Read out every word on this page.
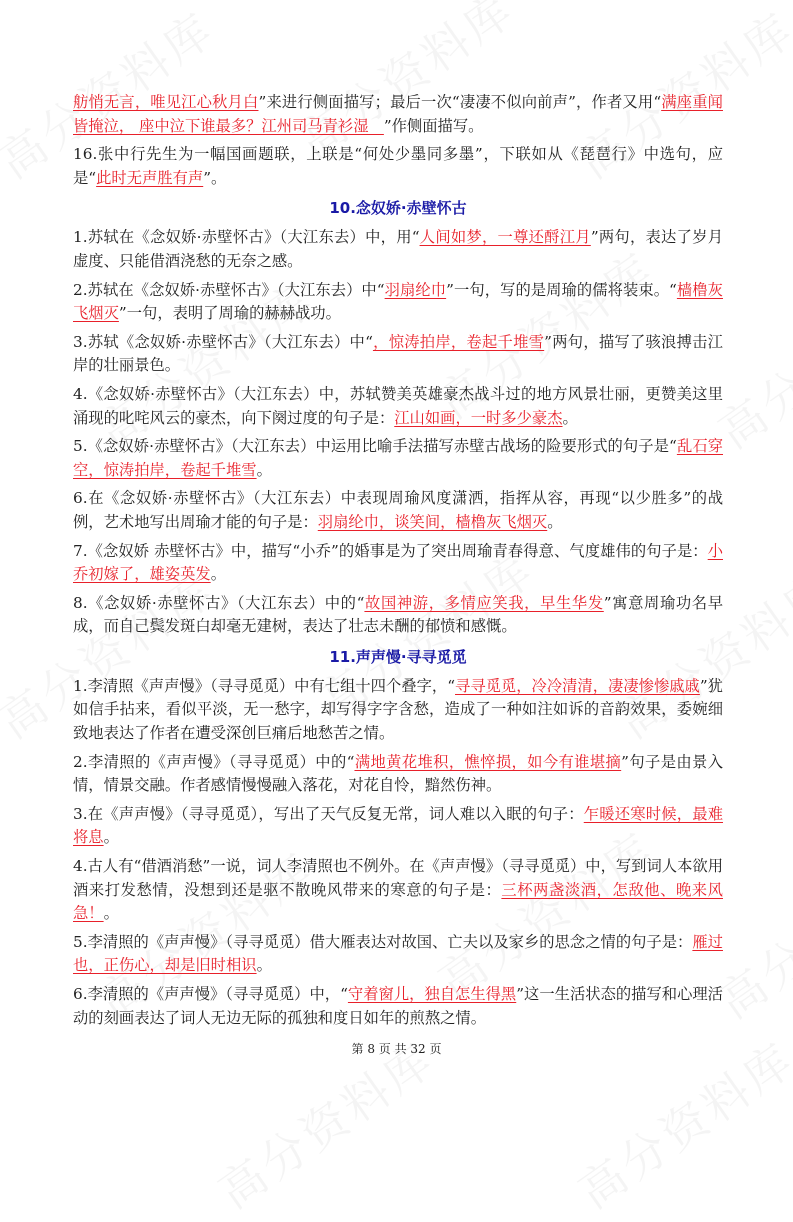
舫悄无言，唯见江心秋月白”来进行侧面描写；最后一次“凄凄不似向前声”，作者又用“满座重闻皆掩泣， 座中泣下谁最多？江州司马青衫湿__”作侧面描写。

16.张中行先生为一幅国画题联，上联是“何处少墨同多墨”，下联如从《琵琶行》中选句，应是“此时无声胜有声”。

10.念奴娇·赤壁怀古

1.苏轼在《念奴娇·赤壁怀古》（大江东去）中，用“人间如梦，一尊还酹江月”两句，表达了岁月虚度、只能借酒浇愁的无奈之感。

2.苏轼在《念奴娇·赤壁怀古》（大江东去）中“羽扇纶巾”一句，写的是周瑜的儒将装束。“樯橹灰飞烟灭”一句，表明了周瑜的赫赫战功。

3.苏轼《念奴娇·赤壁怀古》（大江东去）中“，惊涛拍岸，卷起千堆雪”两句，描写了骇浪搏击江岸的壮丽景色。

4.《念奴娇·赤壁怀古》（大江东去）中，苏轼赞美英雄豪杰战斗过的地方风景壮丽，更赞美这里涌现的叱咤风云的豪杰，向下阕过度的句子是：江山如画，一时多少豪杰。

5.《念奴娇·赤壁怀古》（大江东去）中运用比喻手法描写赤壁古战场的险要形式的句子是“乱石穿空，惊涛拍岸，卷起千堆雪。

6.在《念奴娇·赤壁怀古》（大江东去）中表现周瑜风度潇洒，指挥从容，再现“以少胜多”的战例，艺术地写出周瑜才能的句子是：羽扇纶巾，谈笑间，樯橹灰飞烟灭。

7.《念奴娇 赤壁怀古》中，描写“小乔”的婚事是为了突出周瑜青春得意、气度雄伟的句子是：小乔初嫁了，雄姿英发。

8.《念奴娇·赤壁怀古》（大江东去）中的“故国神游，多情应笑我，早生华发”寓意周瑜功名早成，而自己鬓发斑白却毫无建树，表达了壮志未酬的郁愤和感慨。

11.声声慢·寻寻觅觅

1.李清照《声声慢》（寻寻觅觅）中有七组十四个叠字，“寻寻觅觅，冷冷清清，凄凄惨惨戚戚”犹如信手拈来，看似平淡，无一愁字，却写得字字含愁，造成了一种如注如诉的音韵效果，委婉细致地表达了作者在遭受深创巨痛后地愁苦之情。

2.李清照的《声声慢》（寻寻觅觅）中的“满地黄花堆积，憔悴损，如今有谁堪摘”句子是由景入情，情景交融。作者感情慢慢融入落花，对花自怜，黯然伤神。

3.在《声声慢》（寻寻觅觅），写出了天气反复无常，词人难以入眠的句子：乍暖还寒时候，最难将息。

4.古人有“借酒消愁”一说，词人李清照也不例外。在《声声慢》（寻寻觅觅）中，写到词人本欲用酒来打发愁情，没想到还是驱不散晚风带来的寒意的句子是：三杯两盏淡酒，怎敌他、晚来风急！。

5.李清照的《声声慢》（寻寻觅觅）借大雁表达对故国、亡夫以及家乡的思念之情的句子是：雁过也，正伤心，却是旧时相识。

6.李清照的《声声慢》（寻寻觅觅）中，“守着窗儿，独自怎生得黑”这一生活状态的描写和心理活动的刻画表达了词人无边无际的孤独和度日如年的煎熬之情。

第 8 页 共 32 页
